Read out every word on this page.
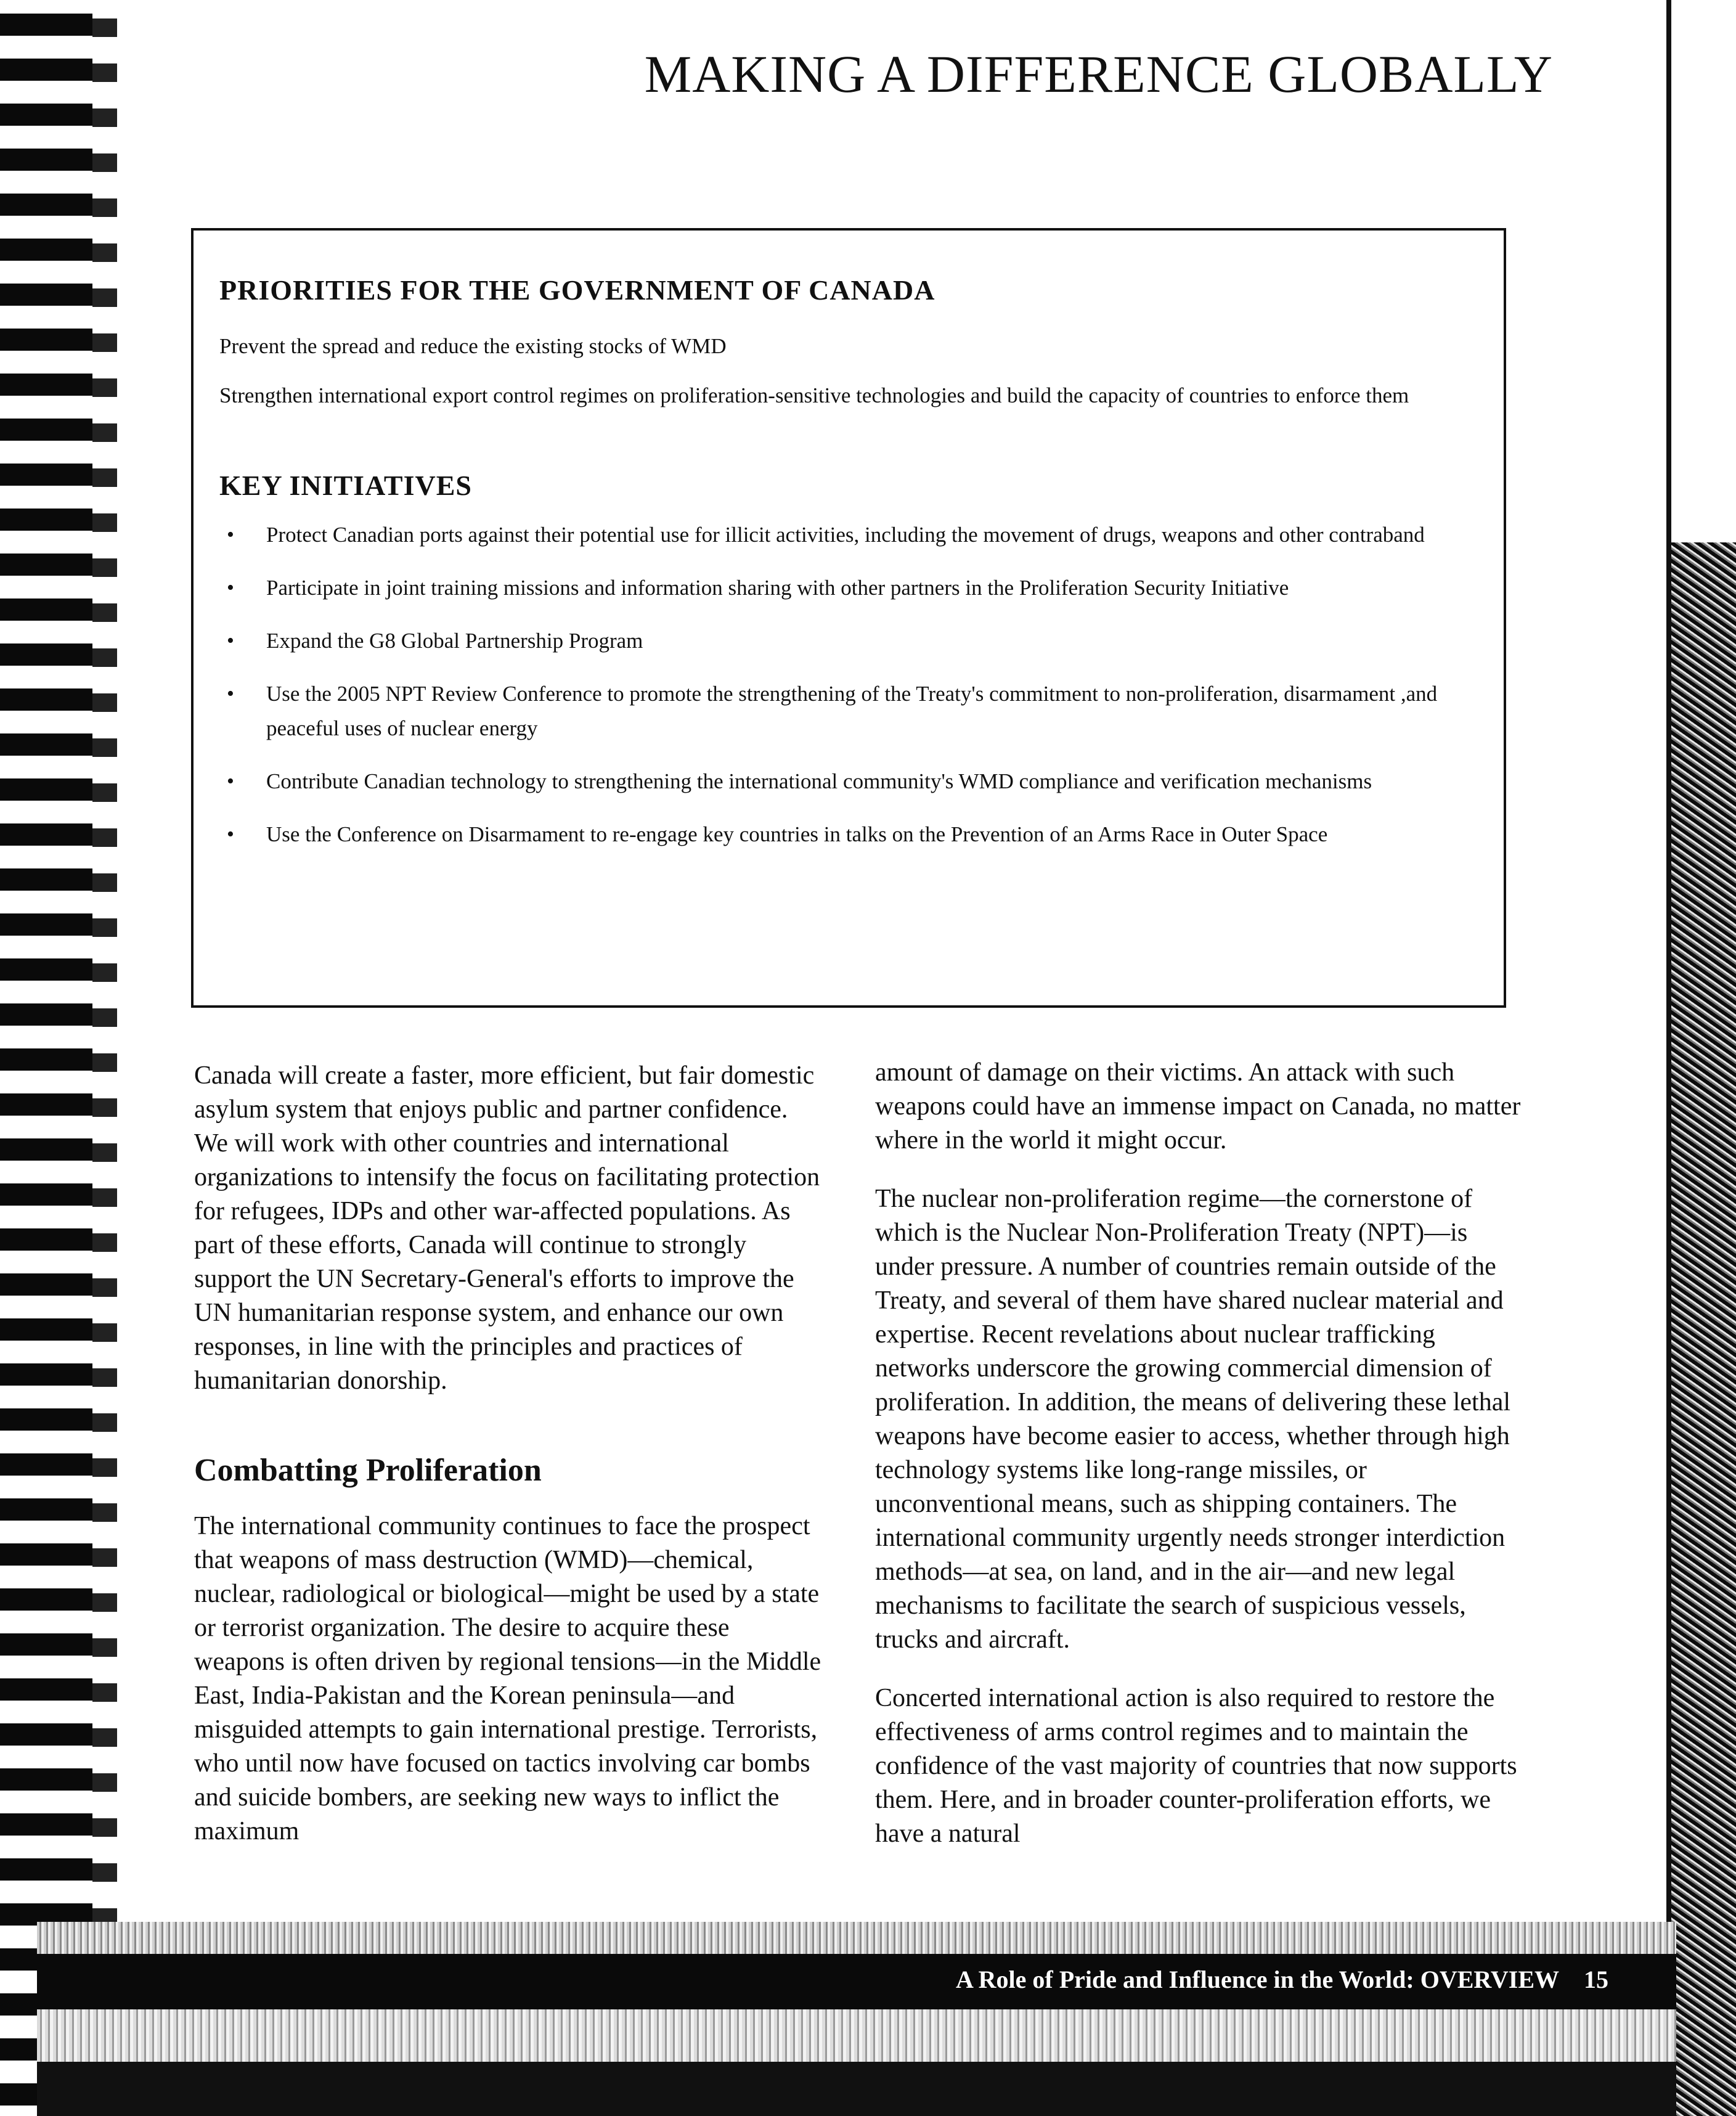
MAKING A DIFFERENCE GLOBALLY
PRIORITIES FOR THE GOVERNMENT OF CANADA

Prevent the spread and reduce the existing stocks of WMD

Strengthen international export control regimes on proliferation-sensitive technologies and build the capacity of countries to enforce them

KEY INITIATIVES
• Protect Canadian ports against their potential use for illicit activities, including the movement of drugs, weapons and other contraband
• Participate in joint training missions and information sharing with other partners in the Proliferation Security Initiative
• Expand the G8 Global Partnership Program
• Use the 2005 NPT Review Conference to promote the strengthening of the Treaty's commitment to non-proliferation, disarmament ,and peaceful uses of nuclear energy
• Contribute Canadian technology to strengthening the international community's WMD compliance and verification mechanisms
• Use the Conference on Disarmament to re-engage key countries in talks on the Prevention of an Arms Race in Outer Space

Canada will create a faster, more efficient, but fair domestic asylum system that enjoys public and partner confidence. We will work with other countries and international organizations to intensify the focus on facilitating protection for refugees, IDPs and other war-affected populations. As part of these efforts, Canada will continue to strongly support the UN Secretary-General's efforts to improve the UN humanitarian response system, and enhance our own responses, in line with the principles and practices of humanitarian donorship.

Combatting Proliferation

The international community continues to face the prospect that weapons of mass destruction (WMD)—chemical, nuclear, radiological or biological—might be used by a state or terrorist organization. The desire to acquire these weapons is often driven by regional tensions—in the Middle East, India-Pakistan and the Korean peninsula—and misguided attempts to gain international prestige. Terrorists, who until now have focused on tactics involving car bombs and suicide bombers, are seeking new ways to inflict the maximum

amount of damage on their victims. An attack with such weapons could have an immense impact on Canada, no matter where in the world it might occur.

The nuclear non-proliferation regime—the cornerstone of which is the Nuclear Non-Proliferation Treaty (NPT)—is under pressure. A number of countries remain outside of the Treaty, and several of them have shared nuclear material and expertise. Recent revelations about nuclear trafficking networks underscore the growing commercial dimension of proliferation. In addition, the means of delivering these lethal weapons have become easier to access, whether through high technology systems like long-range missiles, or unconventional means, such as shipping containers. The international community urgently needs stronger interdiction methods—at sea, on land, and in the air—and new legal mechanisms to facilitate the search of suspicious vessels, trucks and aircraft.

Concerted international action is also required to restore the effectiveness of arms control regimes and to maintain the confidence of the vast majority of countries that now supports them. Here, and in broader counter-proliferation efforts, we have a natural

A Role of Pride and Influence in the World: OVERVIEW 15
